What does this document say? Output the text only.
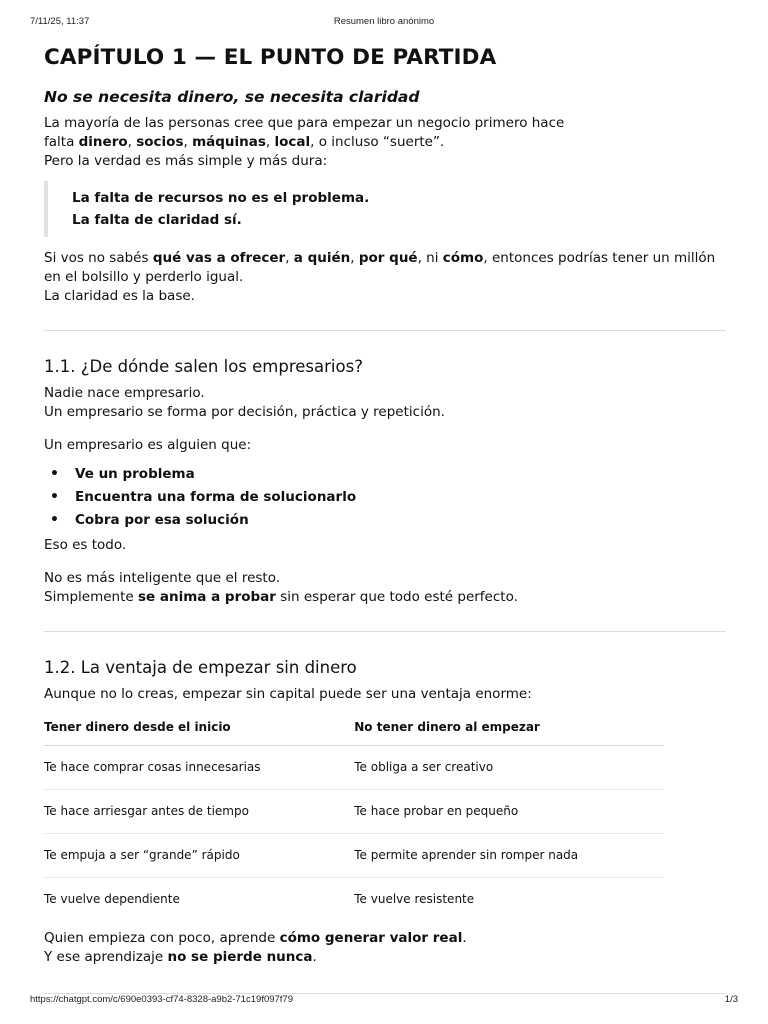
7/11/25, 11:37	Resumen libro anónimo
CAPÍTULO 1 — EL PUNTO DE PARTIDA
No se necesita dinero, se necesita claridad

La mayoría de las personas cree que para empezar un negocio primero hace
falta dinero, socios, máquinas, local, o incluso “suerte”.
Pero la verdad es más simple y más dura:

La falta de recursos no es el problema.
La falta de claridad sí.

Si vos no sabés qué vas a ofrecer, a quién, por qué, ni cómo, entonces podrías tener un millón en el bolsillo y perderlo igual.
La claridad es la base.

1.1. ¿De dónde salen los empresarios?

Nadie nace empresario.
Un empresario se forma por decisión, práctica y repetición.

Un empresario es alguien que:

• Ve un problema
• Encuentra una forma de solucionarlo
• Cobra por esa solución

Eso es todo.

No es más inteligente que el resto.
Simplemente se anima a probar sin esperar que todo esté perfecto.

1.2. La ventaja de empezar sin dinero

Aunque no lo creas, empezar sin capital puede ser una ventaja enorme:

Tener dinero desde el inicio	No tener dinero al empezar
Te hace comprar cosas innecesarias	Te obliga a ser creativo
Te hace arriesgar antes de tiempo	Te hace probar en pequeño
Te empuja a ser “grande” rápido	Te permite aprender sin romper nada
Te vuelve dependiente	Te vuelve resistente

Quien empieza con poco, aprende cómo generar valor real.
Y ese aprendizaje no se pierde nunca.

https://chatgpt.com/c/690e0393-cf74-8328-a9b2-71c19f097f79	1/3
